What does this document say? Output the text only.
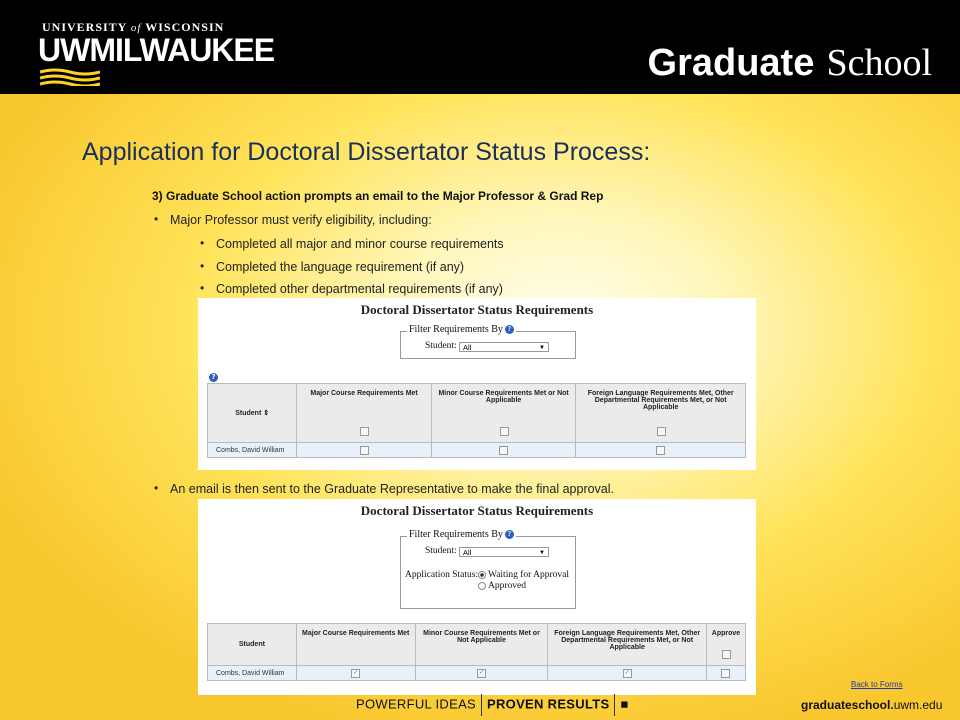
UNIVERSITY of WISCONSIN
UWMILWAUKEE	Graduate School
Application for Doctoral Dissertator Status Process:
3) Graduate School action prompts an email to the Major Professor & Grad Rep
• Major Professor must verify eligibility, including:
• Completed all major and minor course requirements
• Completed the language requirement (if any)
• Completed other departmental requirements (if any)
Doctoral Dissertator Status Requirements
Filter Requirements By ?
Student: All	▼
?
Student ⇕	Major Course Requirements Met	Minor Course Requirements Met or Not Applicable	Foreign Language Requirements Met, Other Departmental Requirements Met, or Not Applicable

Combs, David William			
• An email is then sent to the Graduate Representative to make the final approval.
Doctoral Dissertator Status Requirements
Filter Requirements By ?
Student: All	▼
Application Status:	Waiting for Approval
Approved
Student	Major Course Requirements Met	Minor Course Requirements Met or Not Applicable	Foreign Language Requirements Met, Other Departmental Requirements Met, or Not Applicable	Approve

Combs, David William	✓	✓	✓	
POWERFUL IDEAS PROVEN RESULTS ■
Back to Forms
graduateschool.uwm.edu
